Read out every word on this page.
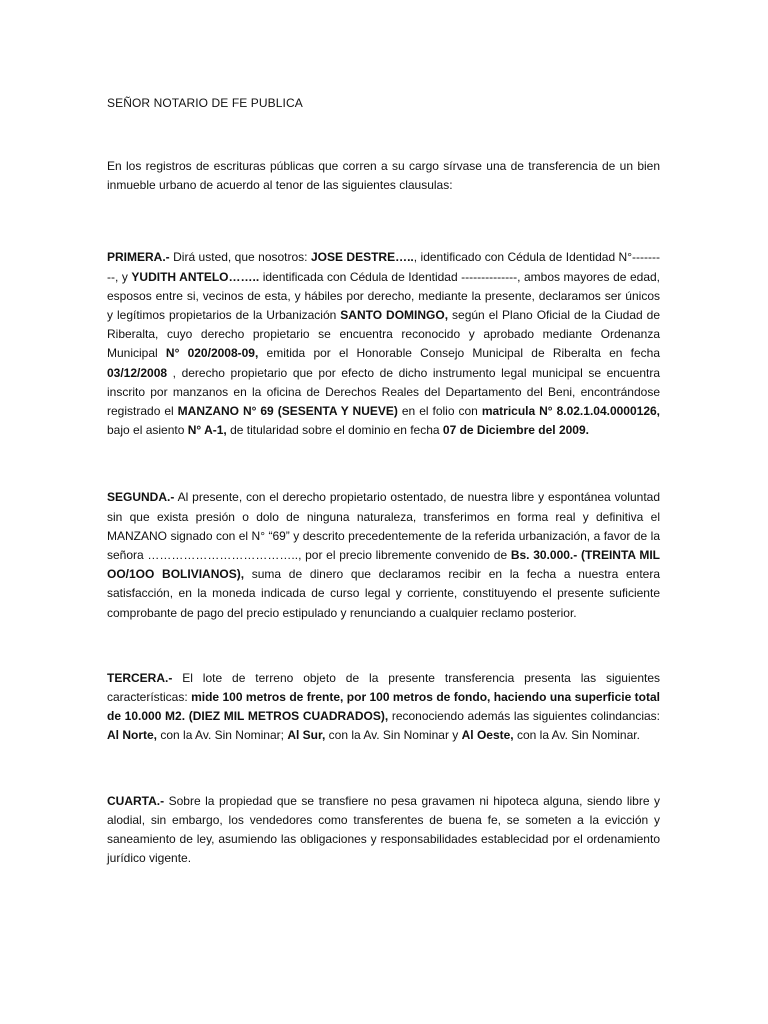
SEÑOR NOTARIO DE FE PUBLICA

En los registros de escrituras públicas que corren a su cargo sírvase una de transferencia de un bien inmueble urbano de acuerdo al tenor de las siguientes clausulas:

PRIMERA.- Dirá usted, que nosotros: JOSE DESTRE….., identificado con Cédula de Identidad N°---------, y YUDITH ANTELO…….. identificada con Cédula de Identidad --------------, ambos mayores de edad, esposos entre si, vecinos de esta, y hábiles por derecho, mediante la presente, declaramos ser únicos y legítimos propietarios de la Urbanización SANTO DOMINGO, según el Plano Oficial de la Ciudad de Riberalta, cuyo derecho propietario se encuentra reconocido y aprobado mediante Ordenanza Municipal N° 020/2008-09, emitida por el Honorable Consejo Municipal de Riberalta en fecha 03/12/2008 , derecho propietario que por efecto de dicho instrumento legal municipal se encuentra inscrito por manzanos en la oficina de Derechos Reales del Departamento del Beni, encontrándose registrado el MANZANO N° 69 (SESENTA Y NUEVE) en el folio con matricula N° 8.02.1.04.0000126, bajo el asiento N° A-1, de titularidad sobre el dominio en fecha 07 de Diciembre del 2009.

SEGUNDA.- Al presente, con el derecho propietario ostentado, de nuestra libre y espontánea voluntad sin que exista presión o dolo de ninguna naturaleza, transferimos en forma real y definitiva el MANZANO signado con el N° “69” y descrito precedentemente de la referida urbanización, a favor de la señora ……………………………….., por el precio libremente convenido de Bs. 30.000.- (TREINTA MIL OO/1OO BOLIVIANOS), suma de dinero que declaramos recibir en la fecha a nuestra entera satisfacción, en la moneda indicada de curso legal y corriente, constituyendo el presente suficiente comprobante de pago del precio estipulado y renunciando a cualquier reclamo posterior.

TERCERA.- El lote de terreno objeto de la presente transferencia presenta las siguientes características: mide 100 metros de frente, por 100 metros de fondo, haciendo una superficie total de 10.000 M2. (DIEZ MIL METROS CUADRADOS), reconociendo además las siguientes colindancias: Al Norte, con la Av. Sin Nominar; Al Sur, con la Av. Sin Nominar y Al Oeste, con la Av. Sin Nominar.

CUARTA.- Sobre la propiedad que se transfiere no pesa gravamen ni hipoteca alguna, siendo libre y alodial, sin embargo, los vendedores como transferentes de buena fe, se someten a la evicción y saneamiento de ley, asumiendo las obligaciones y responsabilidades establecidad por el ordenamiento jurídico vigente.
